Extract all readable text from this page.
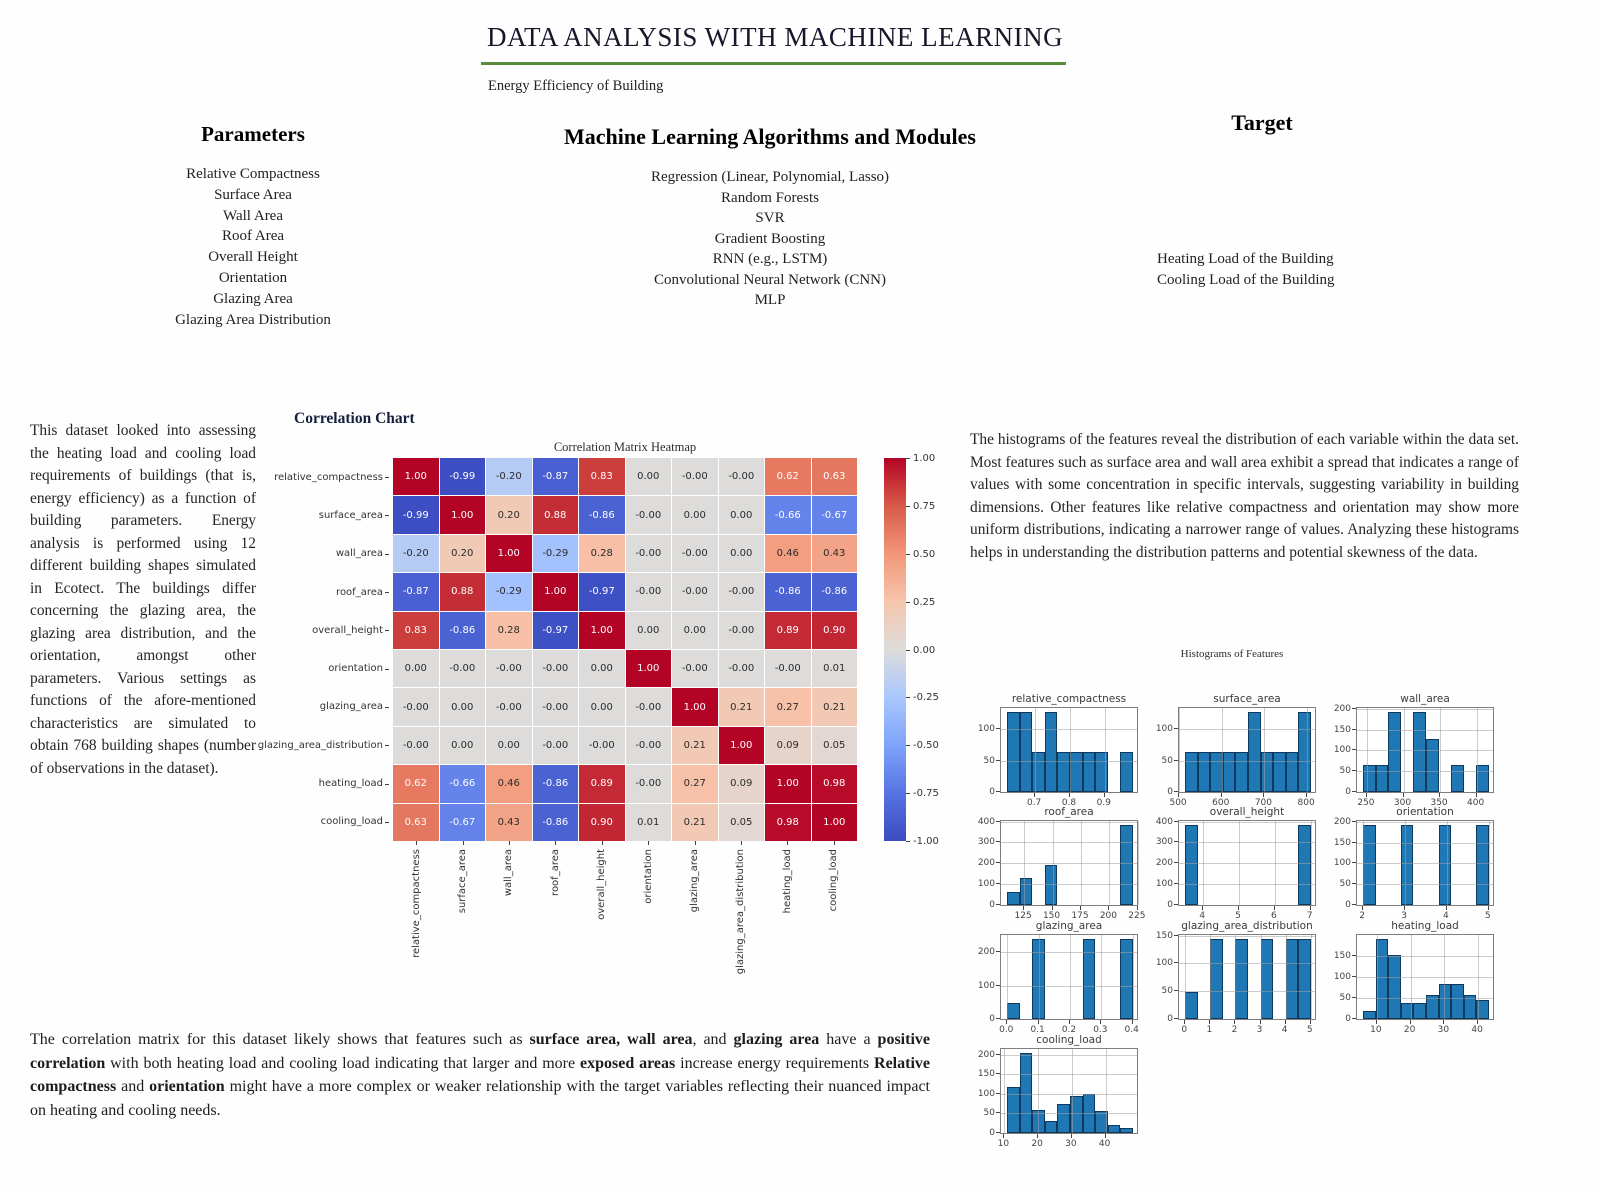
DATA ANALYSIS WITH MACHINE LEARNING
Energy Efficiency of Building
Parameters
Relative Compactness
Surface Area
Wall Area
Roof Area
Overall Height
Orientation
Glazing Area
Glazing Area Distribution
Machine Learning Algorithms and Modules
Regression (Linear, Polynomial, Lasso)
Random Forests
SVR
Gradient Boosting
RNN (e.g., LSTM)
Convolutional Neural Network (CNN)
MLP
Target
Heating Load of the Building
Cooling Load of the Building
This dataset looked into assessing the heating load and cooling load requirements of buildings (that is, energy efficiency) as a function of building parameters. Energy analysis is performed using 12 different building shapes simulated in Ecotect. The buildings differ concerning the glazing area, the glazing area distribution, and the orientation, amongst other parameters. Various settings as functions of the afore-mentioned characteristics are simulated to obtain 768 building shapes (number of observations in the dataset).
Correlation Chart
Correlation Matrix Heatmap
relative_compactness
surface_area
wall_area
roof_area
overall_height
orientation
glazing_area
glazing_area_distribution
heating_load
cooling_load
1.00	-0.99	-0.20	-0.87	0.83	0.00	-0.00	-0.00	0.62	0.63
-0.99	1.00	0.20	0.88	-0.86	-0.00	0.00	0.00	-0.66	-0.67
-0.20	0.20	1.00	-0.29	0.28	-0.00	-0.00	0.00	0.46	0.43
-0.87	0.88	-0.29	1.00	-0.97	-0.00	-0.00	-0.00	-0.86	-0.86
0.83	-0.86	0.28	-0.97	1.00	0.00	0.00	-0.00	0.89	0.90
0.00	-0.00	-0.00	-0.00	0.00	1.00	-0.00	-0.00	-0.00	0.01
-0.00	0.00	-0.00	-0.00	0.00	-0.00	1.00	0.21	0.27	0.21
-0.00	0.00	0.00	-0.00	-0.00	-0.00	0.21	1.00	0.09	0.05
0.62	-0.66	0.46	-0.86	0.89	-0.00	0.27	0.09	1.00	0.98
0.63	-0.67	0.43	-0.86	0.90	0.01	0.21	0.05	0.98	1.00
relative_compactness	surface_area	wall_area	roof_area	overall_height	orientation	glazing_area	glazing_area_distribution	heating_load	cooling_load
1.00
0.75
0.50
0.25
0.00
-0.25
-0.50
-0.75
-1.00
The histograms of the features reveal the distribution of each variable within the data set. Most features such as surface area and wall area exhibit a spread that indicates a range of values with some concentration in specific intervals, suggesting variability in building dimensions. Other features like relative compactness and orientation may show more uniform distributions, indicating a narrower range of values. Analyzing these histograms helps in understanding the distribution patterns and potential skewness of the data.
Histograms of Features
relative_compactness
0
50
100
0.7	0.8	0.9
surface_area
0
50
100
500	600	700	800
wall_area
0
50
100
150
200
250	300	350	400
roof_area
0
100
200
300
400
125	150	175	200	225
overall_height
0
100
200
300
400
4	5	6	7
orientation
0
50
100
150
200
2	3	4	5
glazing_area
0
100
200
0.0	0.1	0.2	0.3	0.4
glazing_area_distribution
0
50
100
150
0	1	2	3	4	5
heating_load
0
50
100
150
10	20	30	40
cooling_load
0
50
100
150
200
10	20	30	40
The correlation matrix for this dataset likely shows that features such as surface area, wall area, and glazing area have a positive correlation with both heating load and cooling load indicating that larger and more exposed areas increase energy requirements Relative compactness and orientation might have a more complex or weaker relationship with the target variables reflecting their nuanced impact on heating and cooling needs.
